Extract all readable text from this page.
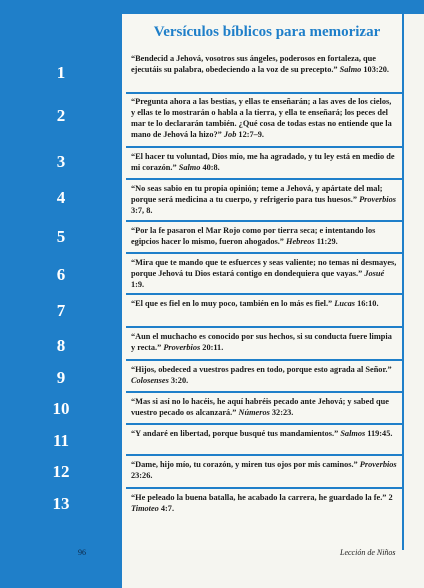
Versículos bíblicos para memorizar
1
2
3
4
5
6
7
8
9
10
11
12
13
“Bendecid a Jehová, vosotros sus ángeles, poderosos en fortaleza, que ejecutáis su palabra, obedeciendo a la voz de su precepto.” Salmo 103:20.
“Pregunta ahora a las bestias, y ellas te enseñarán; a las aves de los cielos, y ellas te lo mostrarán o habla a la tierra, y ella te enseñará; los peces del mar te lo declararán también. ¿Qué cosa de todas estas no entiende que la mano de Jehová la hizo?” Job 12:7–9.
“El hacer tu voluntad, Dios mío, me ha agradado, y tu ley está en medio de mi corazón.” Salmo 40:8.
“No seas sabio en tu propia opinión; teme a Jehová, y apártate del mal; porque será medicina a tu cuerpo, y refrigerio para tus huesos.” Proverbios 3:7, 8.
“Por la fe pasaron el Mar Rojo como por tierra seca; e intentando los egipcios hacer lo mismo, fueron ahogados.” Hebreos 11:29.
“Mira que te mando que te esfuerces y seas valiente; no temas ni desmayes, porque Jehová tu Dios estará contigo en dondequiera que vayas.” Josué 1:9.
“El que es fiel en lo muy poco, también en lo más es fiel.” Lucas 16:10.
“Aun el muchacho es conocido por sus hechos, si su conducta fuere limpia y recta.” Proverbios 20:11.
“Hijos, obedeced a vuestros padres en todo, porque esto agrada al Señor.” Colosenses 3:20.
“Mas si así no lo hacéis, he aquí habréis pecado ante Jehová; y sabed que vuestro pecado os alcanzará.” Números 32:23.
“Y andaré en libertad, porque busqué tus mandamientos.” Salmos 119:45.
“Dame, hijo mío, tu corazón, y miren tus ojos por mis caminos.” Proverbios 23:26.
“He peleado la buena batalla, he acabado la carrera, he guardado la fe.” 2 Timoteo 4:7.
96	Lección de Niños
